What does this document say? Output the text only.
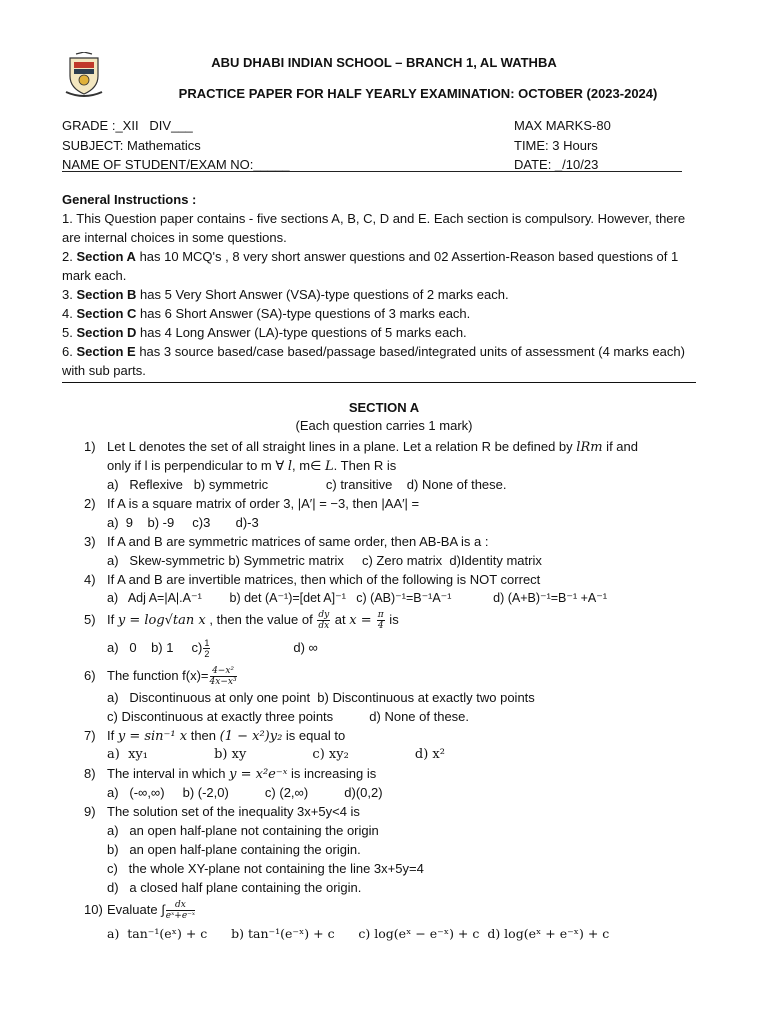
ABU DHABI INDIAN SCHOOL – BRANCH 1, AL WATHBA
PRACTICE PAPER FOR HALF YEARLY EXAMINATION: OCTOBER (2023-2024)
GRADE :_XII   DIV___
SUBJECT: Mathematics
NAME OF STUDENT/EXAM NO:_____
MAX MARKS-80
TIME: 3 Hours
DATE: _/10/23

General Instructions :

1. This Question paper contains - five sections A, B, C, D and E. Each section is compulsory. However, there are internal choices in some questions.

2. Section A has 10 MCQ's , 8 very short answer questions and 02 Assertion-Reason based questions of 1 mark each.

3. Section B has 5 Very Short Answer (VSA)-type questions of 2 marks each.

4. Section C has 6 Short Answer (SA)-type questions of 3 marks each.

5. Section D has 4 Long Answer (LA)-type questions of 5 marks each.

6. Section E has 3 source based/case based/passage based/integrated units of assessment (4 marks each) with sub parts.

SECTION A
(Each question carries 1 mark)
1) Let L denotes the set of all straight lines in a plane. Let a relation R be defined by lRm if and
only if l is perpendicular to m ∀ l, m∈ L. Then R is
a)   Reflexive   b) symmetric                c) transitive    d) None of these.
2) If A is a square matrix of order 3, |A′| = −3, then |AA′| =
a)  9    b) -9     c)3       d)-3
3) If A and B are symmetric matrices of same order, then AB-BA is a :
a)   Skew-symmetric b) Symmetric matrix     c) Zero matrix  d)Identity matrix
4) If A and B are invertible matrices, then which of the following is NOT correct
a)   Adj A=|A|.A⁻¹        b) det (A⁻¹)=[det A]⁻¹   c) (AB)⁻¹=B⁻¹A⁻¹            d) (A+B)⁻¹=B⁻¹ +A⁻¹
5) If y = log√tan x , then the value of $\frac{dy}{dx}$ at $x = \frac{\pi}{4}$ is
a)   0    b) 1     $c) \frac{1}{2}$	d) ∞
6) The function $f(x)= \frac{\text{4−x²}}{\text{4x−x³}}$
a)   Discontinuous at only one point  b) Discontinuous at exactly two points
c) Discontinuous at exactly three points          d) None of these.
7) If y = sin⁻¹ x then (1 − x²)y₂ is equal to
a)  xy₁                b) xy                c) xy₂                d) x²
8) The interval in which y = x²e⁻ˣ is increasing is
a)   (-∞,∞)     b) (-2,0)          c) (2,∞)          d)(0,2)
9) The solution set of the inequality 3x+5y<4 is
a)   an open half-plane not containing the origin
b)   an open half-plane containing the origin.
c)   the whole XY-plane not containing the line 3x+5y=4
d)   a closed half plane containing the origin.
10) Evaluate ∫ $\frac{dx}{\text{eˣ+e⁻ˣ}}$
a)  tan⁻¹(eˣ) + c      b) tan⁻¹(e⁻ˣ) + c      c) log(eˣ − e⁻ˣ) + c  d) log(eˣ + e⁻ˣ) + c
